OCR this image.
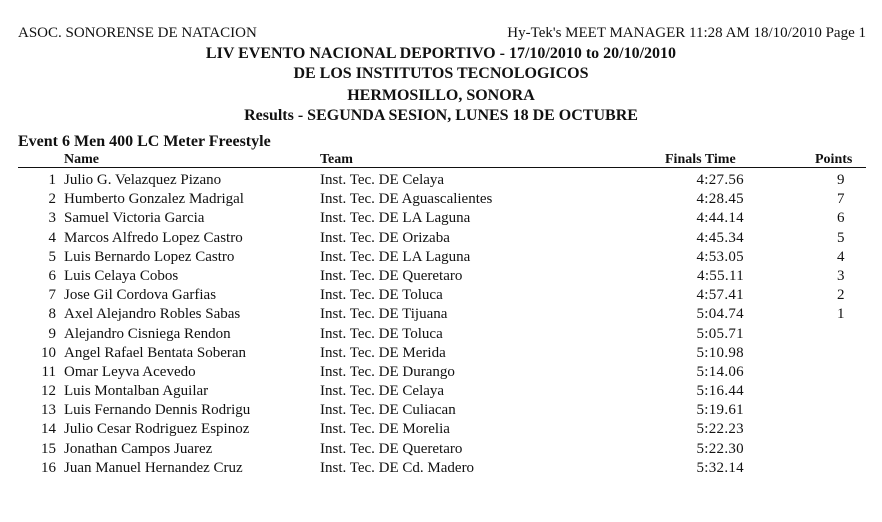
ASOC. SONORENSE DE NATACION	Hy-Tek's MEET MANAGER 11:28 AM 18/10/2010 Page 1
LIV EVENTO NACIONAL DEPORTIVO - 17/10/2010 to 20/10/2010
DE LOS INSTITUTOS TECNOLOGICOS
HERMOSILLO, SONORA
Results - SEGUNDA SESION, LUNES 18 DE OCTUBRE
Event 6 Men 400 LC Meter Freestyle
Name	Team	Finals Time	Points
1 Julio G. Velazquez Pizano	Inst. Tec. DE Celaya	4:27.56	9
2 Humberto Gonzalez Madrigal	Inst. Tec. DE Aguascalientes	4:28.45	7
3 Samuel Victoria Garcia	Inst. Tec. DE LA Laguna	4:44.14	6
4 Marcos Alfredo Lopez Castro	Inst. Tec. DE Orizaba	4:45.34	5
5 Luis Bernardo Lopez Castro	Inst. Tec. DE LA Laguna	4:53.05	4
6 Luis Celaya Cobos	Inst. Tec. DE Queretaro	4:55.11	3
7 Jose Gil Cordova Garfias	Inst. Tec. DE Toluca	4:57.41	2
8 Axel Alejandro Robles Sabas	Inst. Tec. DE Tijuana	5:04.74	1
9 Alejandro Cisniega Rendon	Inst. Tec. DE Toluca	5:05.71
10 Angel Rafael Bentata Soberan	Inst. Tec. DE Merida	5:10.98
11 Omar Leyva Acevedo	Inst. Tec. DE Durango	5:14.06
12 Luis Montalban Aguilar	Inst. Tec. DE Celaya	5:16.44
13 Luis Fernando Dennis Rodrigu	Inst. Tec. DE Culiacan	5:19.61
14 Julio Cesar Rodriguez Espinoz	Inst. Tec. DE Morelia	5:22.23
15 Jonathan Campos Juarez	Inst. Tec. DE Queretaro	5:22.30
16 Juan Manuel Hernandez Cruz	Inst. Tec. DE Cd. Madero	5:32.14
